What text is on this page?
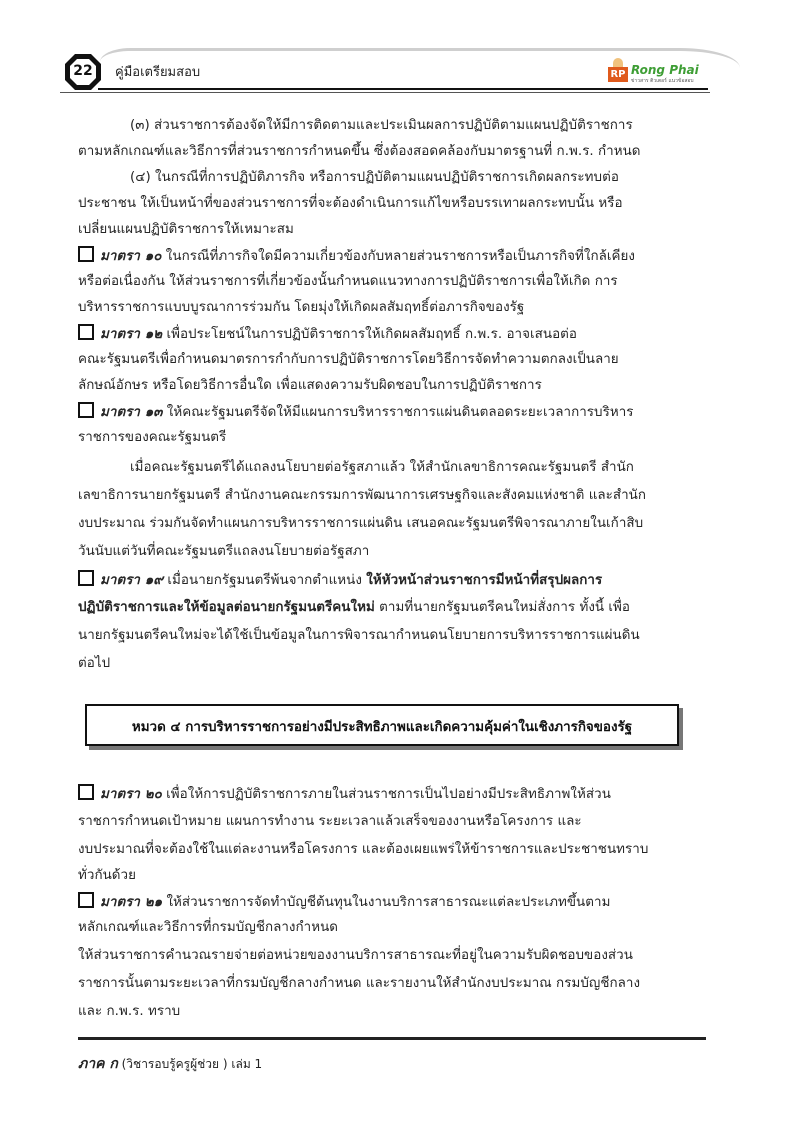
22	คู่มือเตรียมสอบ	RP Rong Phai
ข่าวสาร ติวเตอร์ แนวข้อสอบ
(๓) ส่วนราชการต้องจัดให้มีการติดตามและประเมินผลการปฏิบัติตามแผนปฏิบัติราชการ
ตามหลักเกณฑ์และวิธีการที่ส่วนราชการกำหนดขึ้น ซึ่งต้องสอดคล้องกับมาตรฐานที่ ก.พ.ร. กำหนด
(๔) ในกรณีที่การปฏิบัติภารกิจ หรือการปฏิบัติตามแผนปฏิบัติราชการเกิดผลกระทบต่อ
ประชาชน ให้เป็นหน้าที่ของส่วนราชการที่จะต้องดำเนินการแก้ไขหรือบรรเทาผลกระทบนั้น หรือ
เปลี่ยนแผนปฏิบัติราชการให้เหมาะสม
มาตรา ๑๐ ในกรณีที่ภารกิจใดมีความเกี่ยวข้องกับหลายส่วนราชการหรือเป็นภารกิจที่ใกล้เคียง
หรือต่อเนื่องกัน ให้ส่วนราชการที่เกี่ยวข้องนั้นกำหนดแนวทางการปฏิบัติราชการเพื่อให้เกิด การ
บริหารราชการแบบบูรณาการร่วมกัน โดยมุ่งให้เกิดผลสัมฤทธิ์ต่อภารกิจของรัฐ
มาตรา ๑๒ เพื่อประโยชน์ในการปฏิบัติราชการให้เกิดผลสัมฤทธิ์ ก.พ.ร. อาจเสนอต่อ
คณะรัฐมนตรีเพื่อกำหนดมาตรการกำกับการปฏิบัติราชการโดยวิธีการจัดทำความตกลงเป็นลาย
ลักษณ์อักษร หรือโดยวิธีการอื่นใด เพื่อแสดงความรับผิดชอบในการปฏิบัติราชการ
มาตรา ๑๓ ให้คณะรัฐมนตรีจัดให้มีแผนการบริหารราชการแผ่นดินตลอดระยะเวลาการบริหาร
ราชการของคณะรัฐมนตรี
เมื่อคณะรัฐมนตรีได้แถลงนโยบายต่อรัฐสภาแล้ว ให้สำนักเลขาธิการคณะรัฐมนตรี สำนัก
เลขาธิการนายกรัฐมนตรี สำนักงานคณะกรรมการพัฒนาการเศรษฐกิจและสังคมแห่งชาติ และสำนัก
งบประมาณ ร่วมกันจัดทำแผนการบริหารราชการแผ่นดิน เสนอคณะรัฐมนตรีพิจารณาภายในเก้าสิบ
วันนับแต่วันที่คณะรัฐมนตรีแถลงนโยบายต่อรัฐสภา
มาตรา ๑๙ เมื่อนายกรัฐมนตรีพ้นจากตำแหน่ง ให้หัวหน้าส่วนราชการมีหน้าที่สรุปผลการ
ปฏิบัติราชการและให้ข้อมูลต่อนายกรัฐมนตรีคนใหม่ ตามที่นายกรัฐมนตรีคนใหม่สั่งการ ทั้งนี้ เพื่อ
นายกรัฐมนตรีคนใหม่จะได้ใช้เป็นข้อมูลในการพิจารณากำหนดนโยบายการบริหารราชการแผ่นดิน
ต่อไป
หมวด ๔ การบริหารราชการอย่างมีประสิทธิภาพและเกิดความคุ้มค่าในเชิงภารกิจของรัฐ
มาตรา ๒๐ เพื่อให้การปฏิบัติราชการภายในส่วนราชการเป็นไปอย่างมีประสิทธิภาพให้ส่วน
ราชการกำหนดเป้าหมาย แผนการทำงาน ระยะเวลาแล้วเสร็จของงานหรือโครงการ และ
งบประมาณที่จะต้องใช้ในแต่ละงานหรือโครงการ และต้องเผยแพร่ให้ข้าราชการและประชาชนทราบ
ทั่วกันด้วย
มาตรา ๒๑ ให้ส่วนราชการจัดทำบัญชีต้นทุนในงานบริการสาธารณะแต่ละประเภทขึ้นตาม
หลักเกณฑ์และวิธีการที่กรมบัญชีกลางกำหนด
ให้ส่วนราชการคำนวณรายจ่ายต่อหน่วยของงานบริการสาธารณะที่อยู่ในความรับผิดชอบของส่วน
ราชการนั้นตามระยะเวลาที่กรมบัญชีกลางกำหนด และรายงานให้สำนักงบประมาณ กรมบัญชีกลาง
และ ก.พ.ร. ทราบ
ภาค ก (วิชารอบรู้ครูผู้ช่วย ) เล่ม 1
